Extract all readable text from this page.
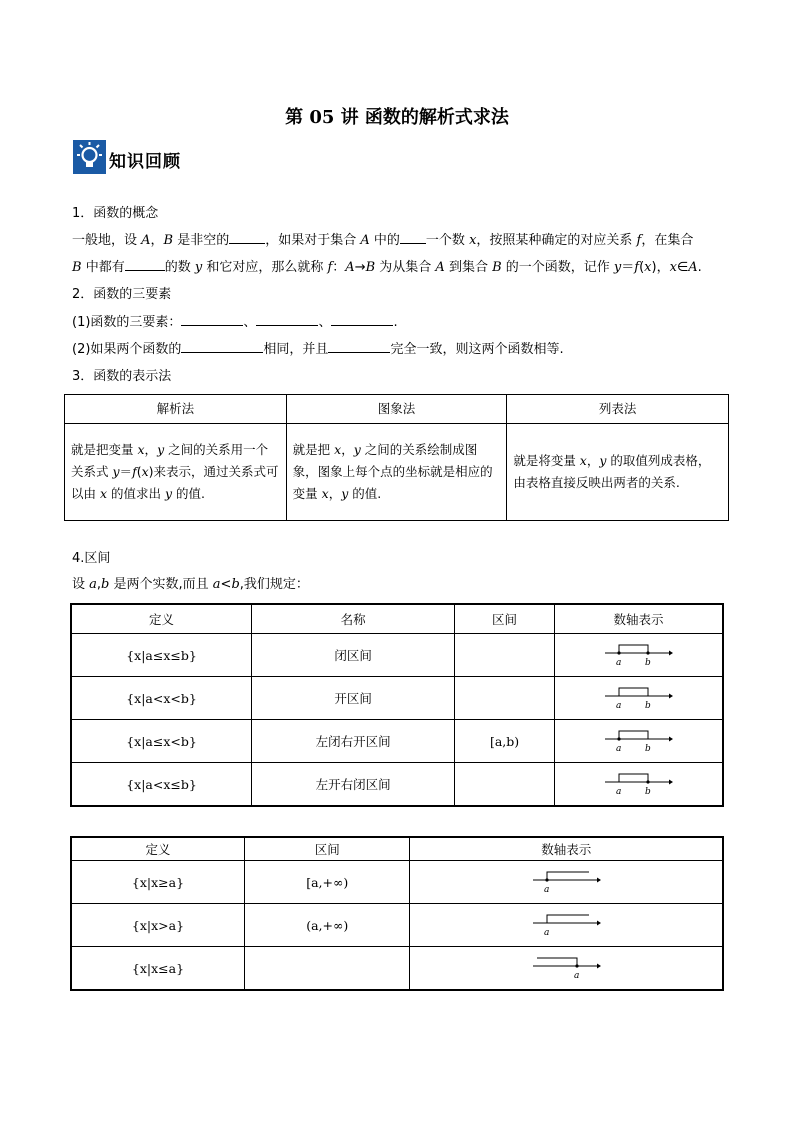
第 05 讲 函数的解析式求法
知识回顾
1．函数的概念
一般地，设 A，B 是非空的	，如果对于集合 A 中的 一个数 x，按照某种确定的对应关系 f，在集合
B 中都有	的数 y 和它对应，那么就称 f：A→B 为从集合 A 到集合 B 的一个函数，记作 y＝f(x)，x∈A.
2．函数的三要素
(1)函数的三要素：	、	、	.
(2)如果两个函数的	相同，并且	完全一致，则这两个函数相等.
3．函数的表示法
解析法	图象法	列表法
就是把变量 x，y 之间的关系用一个关系式 y＝f(x)来表示，通过关系式可以由 x 的值求出 y 的值.	就是把 x，y 之间的关系绘制成图象，图象上每个点的坐标就是相应的变量 x，y 的值.	就是将变量 x，y 的取值列成表格，由表格直接反映出两者的关系.
4.区间
设 a,b 是两个实数,而且 a<b,我们规定：
定义	名称	区间	数轴表示
{x|a≤x≤b}	闭区间		a b

{x|a<x<b}	开区间		a b

{x|a≤x<b}	左闭右开区间	[a,b)	a b

{x|a<x≤b}	左开右闭区间		a b
定义	区间	数轴表示
{x|x≥a}	[a,+∞)	a

{x|x>a}	(a,+∞)	a

{x|x≤a}		a
